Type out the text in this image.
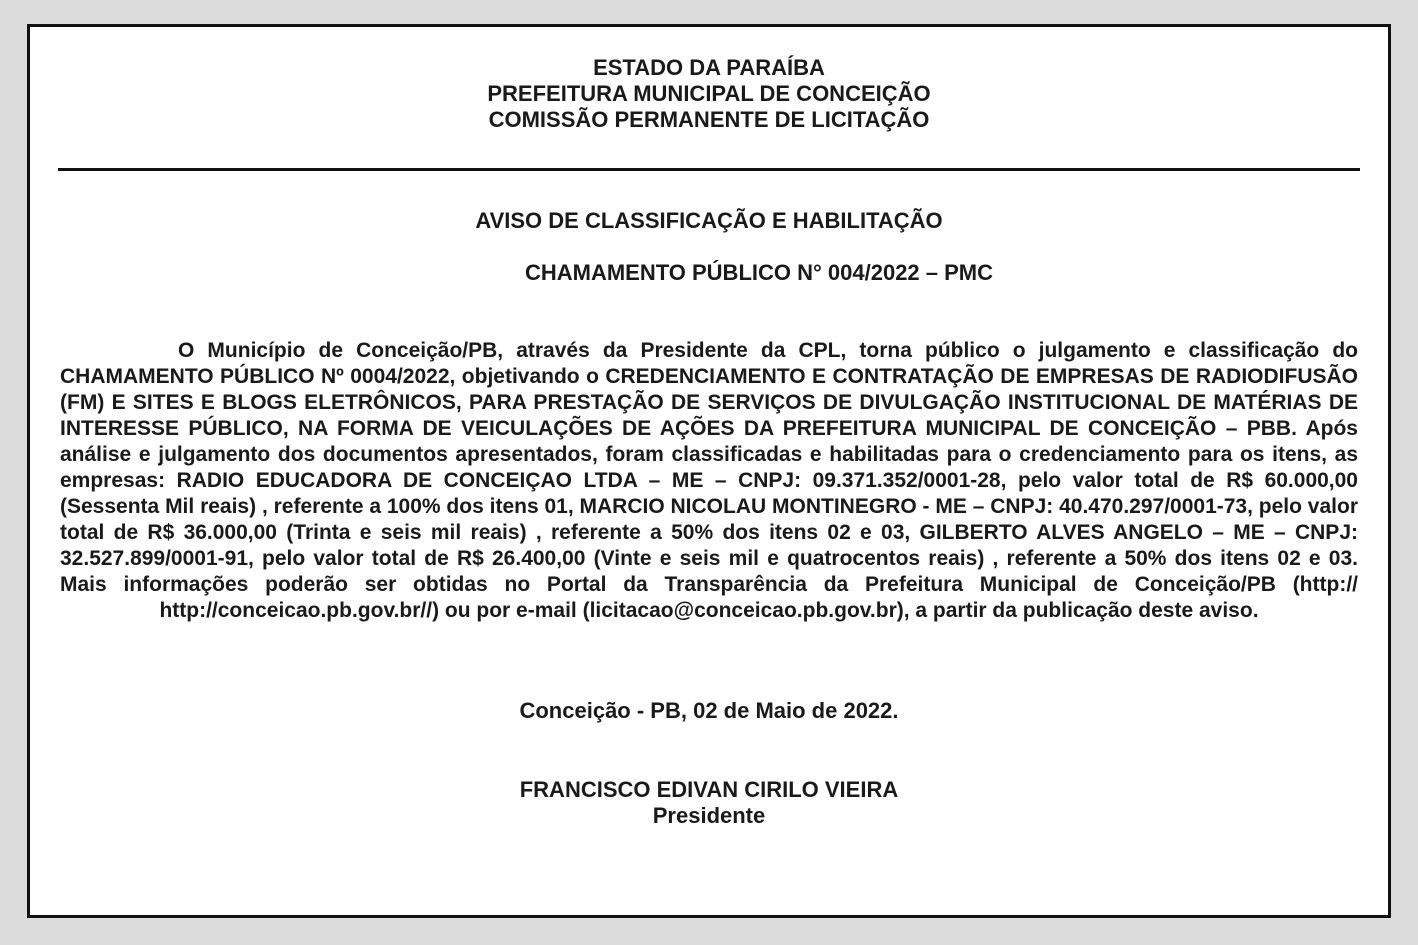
ESTADO DA PARAÍBA
PREFEITURA MUNICIPAL DE CONCEIÇÃO
COMISSÃO PERMANENTE DE LICITAÇÃO
AVISO DE CLASSIFICAÇÃO E HABILITAÇÃO
CHAMAMENTO PÚBLICO N° 004/2022 – PMC

O Município de Conceição/PB, através da Presidente da CPL, torna público o julgamento e classificação do CHAMAMENTO PÚBLICO Nº 0004/2022, objetivando o CREDENCIAMENTO E CONTRATAÇÃO DE EMPRESAS DE RADIODIFUSÃO (FM) E SITES E BLOGS ELETRÔNICOS, PARA PRESTAÇÃO DE SERVIÇOS DE DIVULGAÇÃO INSTITUCIONAL DE MATÉRIAS DE INTERESSE PÚBLICO, NA FORMA DE VEICULAÇÕES DE AÇÕES DA PREFEITURA MUNICIPAL DE CONCEIÇÃO – PBB. Após análise e julgamento dos documentos apresentados, foram classificadas e habilitadas para o credenciamento para os itens, as empresas: RADIO EDUCADORA DE CONCEIÇAO LTDA – ME – CNPJ: 09.371.352/0001-28, pelo valor total de R$ 60.000,00 (Sessenta Mil reais) , referente a 100% dos itens 01, MARCIO NICOLAU MONTINEGRO - ME – CNPJ: 40.470.297/0001-73, pelo valor total de R$ 36.000,00 (Trinta e seis mil reais) , referente a 50% dos itens 02 e 03, GILBERTO ALVES ANGELO – ME – CNPJ: 32.527.899/0001-91, pelo valor total de R$ 26.400,00 (Vinte e seis mil e quatrocentos reais) , referente a 50% dos itens 02 e 03. Mais informações poderão ser obtidas no Portal da Transparência da Prefeitura Municipal de Conceição/PB (http:// http://conceicao.pb.gov.br//) ou por e-mail (licitacao@conceicao.pb.gov.br), a partir da publicação deste aviso.

Conceição - PB, 02 de Maio de 2022.
FRANCISCO EDIVAN CIRILO VIEIRA
Presidente
